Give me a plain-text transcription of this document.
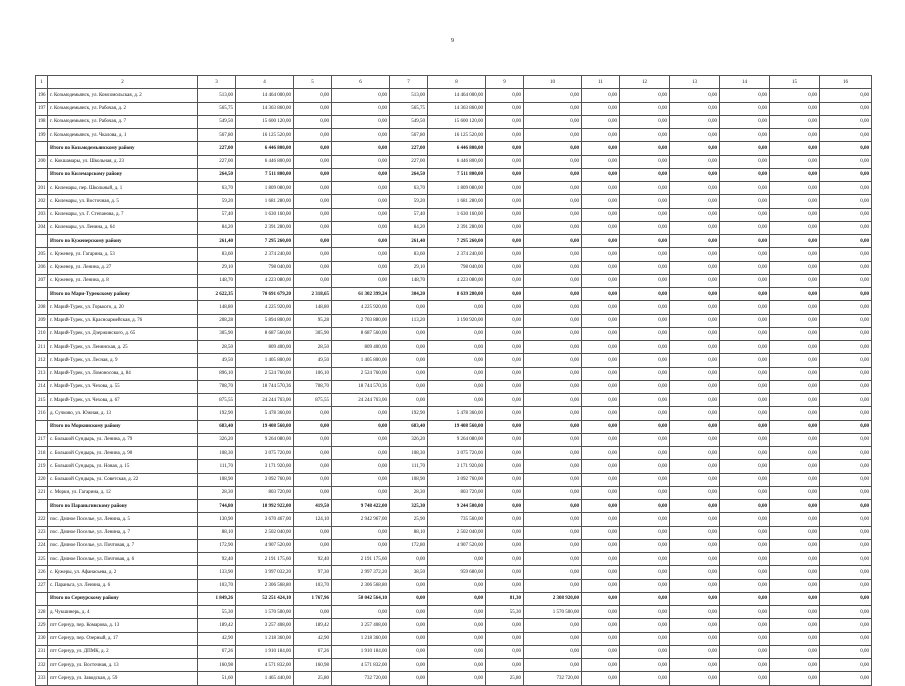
9
1	2	3	4	5	6	7	8	9	10	11	12	13	14	15	16
196	г. Козьмодемьянск, ул. Комсомольская, д. 2	513,00	14 464 000,00	0,00	0,00	513,00	14 464 000,00	0,00	0,00	0,00	0,00	0,00	0,00	0,00	0,00
197	г. Козьмодемьянск, ул. Рабочая, д. 2	565,75	14 363 860,00	0,00	0,00	565,75	14 363 860,00	0,00	0,00	0,00	0,00	0,00	0,00	0,00	0,00
198	г. Козьмодемьянск, ул. Рабочая, д. 7	549,50	15 600 120,00	0,00	0,00	549,50	15 600 120,00	0,00	0,00	0,00	0,00	0,00	0,00	0,00	0,00
199	г. Козьмодемьянск, ул. Чкалова, д. 1	567,80	16 125 520,00	0,00	0,00	567,80	16 125 520,00	0,00	0,00	0,00	0,00	0,00	0,00	0,00	0,00
	Итого по Козьмодемьянскому району	227,00	6 446 800,00	0,00	0,00	227,00	6 446 800,00	0,00	0,00	0,00	0,00	0,00	0,00	0,00	0,00
200	с. Кокшамары, ул. Школьная, д. 23	227,00	6 446 800,00	0,00	0,00	227,00	6 446 800,00	0,00	0,00	0,00	0,00	0,00	0,00	0,00	0,00
	Итого по Килемарскому району	264,50	7 511 800,00	0,00	0,00	264,50	7 511 800,00	0,00	0,00	0,00	0,00	0,00	0,00	0,00	0,00
201	с. Килемары, пер. Школьный, д. 1	63,70	1 809 080,00	0,00	0,00	63,70	1 809 080,00	0,00	0,00	0,00	0,00	0,00	0,00	0,00	0,00
202	с. Килемары, ул. Восточная, д. 5	59,20	1 681 280,00	0,00	0,00	59,20	1 681 280,00	0,00	0,00	0,00	0,00	0,00	0,00	0,00	0,00
203	с. Килемары, ул. Г. Степанова, д. 7	57,40	1 630 160,00	0,00	0,00	57,40	1 630 160,00	0,00	0,00	0,00	0,00	0,00	0,00	0,00	0,00
204	с. Килемары, ул. Ленина, д. 64	84,20	2 391 280,00	0,00	0,00	84,20	2 391 280,00	0,00	0,00	0,00	0,00	0,00	0,00	0,00	0,00
	Итого по Куженерскому району	261,40	7 295 260,00	0,00	0,00	261,40	7 295 260,00	0,00	0,00	0,00	0,00	0,00	0,00	0,00	0,00
205	с. Куженер, ул. Гагарина, д. 53	83,60	2 374 240,00	0,00	0,00	83,60	2 374 240,00	0,00	0,00	0,00	0,00	0,00	0,00	0,00	0,00
206	с. Куженер, ул. Ленина, д. 27	29,10	798 040,00	0,00	0,00	29,10	798 040,00	0,00	0,00	0,00	0,00	0,00	0,00	0,00	0,00
207	с. Куженер, ул. Ленина, д. 8	148,70	4 223 080,00	0,00	0,00	148,70	4 223 080,00	0,00	0,00	0,00	0,00	0,00	0,00	0,00	0,00
	Итого по Мари-Турекскому району	2 622,35	70 691 679,20	2 318,65	61 302 399,24	304,20	8 639 280,00	0,00	0,00	0,00	0,00	0,00	0,00	0,00	0,00
208	г. Марий-Турек, ул. Горького, д. 20	148,80	4 225 920,00	148,80	4 225 920,00	0,00	0,00	0,00	0,00	0,00	0,00	0,00	0,00	0,00	0,00
209	г. Марий-Турек, ул. Красноармейская, д. 76	208,28	5 894 800,00	95,28	2 703 880,00	113,20	3 190 920,00	0,00	0,00	0,00	0,00	0,00	0,00	0,00	0,00
210	г. Марий-Турек, ул. Дзержинского, д. 65	305,90	8 687 560,00	305,90	8 687 560,00	0,00	0,00	0,00	0,00	0,00	0,00	0,00	0,00	0,00	0,00
211	г. Марий-Турек, ул. Ленинская, д. 25	28,50	809 400,00	28,50	809 400,00	0,00	0,00	0,00	0,00	0,00	0,00	0,00	0,00	0,00	0,00
212	г. Марий-Турек, ул. Лесная, д. 9	49,50	1 405 800,00	49,50	1 405 800,00	0,00	0,00	0,00	0,00	0,00	0,00	0,00	0,00	0,00	0,00
213	г. Марий-Турек, ул. Ломоносова, д. 84	896,10	2 524 760,00	106,10	2 524 760,00	0,00	0,00	0,00	0,00	0,00	0,00	0,00	0,00	0,00	0,00
214	г. Марий-Турек, ул. Чехова, д. 55	708,70	18 744 570,36	708,70	18 744 570,36	0,00	0,00	0,00	0,00	0,00	0,00	0,00	0,00	0,00	0,00
215	г. Марий-Турек, ул. Чехова, д. 67	875,55	24 244 703,00	875,55	24 244 703,00	0,00	0,00	0,00	0,00	0,00	0,00	0,00	0,00	0,00	0,00
216	д. Сучково, ул. Южная, д. 13	192,90	5 478 360,00	0,00	0,00	192,90	5 478 360,00	0,00	0,00	0,00	0,00	0,00	0,00	0,00	0,00
	Итого по Моркинскому району	683,40	19 408 560,00	0,00	0,00	683,40	19 408 560,00	0,00	0,00	0,00	0,00	0,00	0,00	0,00	0,00
217	с. Большой Сундырь, ул. Ленина, д. 79	326,20	9 264 080,00	0,00	0,00	326,20	9 264 080,00	0,00	0,00	0,00	0,00	0,00	0,00	0,00	0,00
218	с. Большой Сундырь, ул. Ленина, д. 90	108,30	3 075 720,00	0,00	0,00	108,30	3 075 720,00	0,00	0,00	0,00	0,00	0,00	0,00	0,00	0,00
219	с. Большой Сундырь, ул. Новая, д. 15	111,70	3 171 920,00	0,00	0,00	111,70	3 171 920,00	0,00	0,00	0,00	0,00	0,00	0,00	0,00	0,00
220	с. Большой Сундырь, ул. Советская, д. 22	108,90	3 092 760,00	0,00	0,00	108,90	3 092 760,00	0,00	0,00	0,00	0,00	0,00	0,00	0,00	0,00
221	с. Морки, ул. Гагарина, д. 12	28,30	803 720,00	0,00	0,00	28,30	803 720,00	0,00	0,00	0,00	0,00	0,00	0,00	0,00	0,00
	Итого по Параньгинскому району	744,80	18 992 922,00	419,50	9 748 422,00	325,30	9 244 500,00	0,00	0,00	0,00	0,00	0,00	0,00	0,00	0,00
222	пос. Дачное Поселье, ул. Ленина, д. 5	130,90	3 670 467,00	124,10	2 942 967,00	25,90	735 560,00	0,00	0,00	0,00	0,00	0,00	0,00	0,00	0,00
223	пос. Дачное Поселье, ул. Ленина, д. 7	88,10	2 502 040,00	0,00	0,00	88,10	2 502 040,00	0,00	0,00	0,00	0,00	0,00	0,00	0,00	0,00
224	пос. Дачное Поселье, ул. Почтовая, д. 7	172,90	4 907 520,00	0,00	0,00	172,80	4 907 520,00	0,00	0,00	0,00	0,00	0,00	0,00	0,00	0,00
225	пос. Дачное Поселье, ул. Почтовая, д. 6	92,40	2 191 175,60	92,40	2 191 175,60	0,00	0,00	0,00	0,00	0,00	0,00	0,00	0,00	0,00	0,00
226	с. Кужеры, ул. Афанасьева, д. 2	133,90	3 997 032,20	97,30	2 997 372,20	38,50	959 680,00	0,00	0,00	0,00	0,00	0,00	0,00	0,00	0,00
227	с. Параньга, ул. Ленина, д. 6	103,70	2 306 568,80	103,70	2 306 568,80	0,00	0,00	0,00	0,00	0,00	0,00	0,00	0,00	0,00	0,00
	Итого по Сернурскому району	1 849,26	52 251 424,10	1 767,96	50 042 564,10	0,00	0,00	81,30	2 308 920,00	0,00	0,00	0,00	0,00	0,00	0,00
228	д. Чукшинерь, д. 4	55,30	1 570 500,00	0,00	0,00	0,00	0,00	55,30	1 570 500,00	0,00	0,00	0,00	0,00	0,00	0,00
229	пгт Сернур, пер. Комарова, д. 13	189,42	3 257 408,00	189,42	3 257 408,00	0,00	0,00	0,00	0,00	0,00	0,00	0,00	0,00	0,00	0,00
230	пгт Сернур, пер. Озерный, д. 17	42,90	1 218 360,00	42,90	1 218 360,00	0,00	0,00	0,00	0,00	0,00	0,00	0,00	0,00	0,00	0,00
231	пгт Сернур, ул. ДПМК, д. 2	67,26	1 910 184,00	67,26	1 910 184,00	0,00	0,00	0,00	0,00	0,00	0,00	0,00	0,00	0,00	0,00
232	пгт Сернур, ул. Восточная, д. 13	160,98	4 571 832,00	160,98	4 571 832,00	0,00	0,00	0,00	0,00	0,00	0,00	0,00	0,00	0,00	0,00
233	пгт Сернур, ул. Заводская, д. 59	51,60	1 465 440,00	25,80	732 720,00	0,00	0,00	25,80	732 720,00	0,00	0,00	0,00	0,00	0,00	0,00
